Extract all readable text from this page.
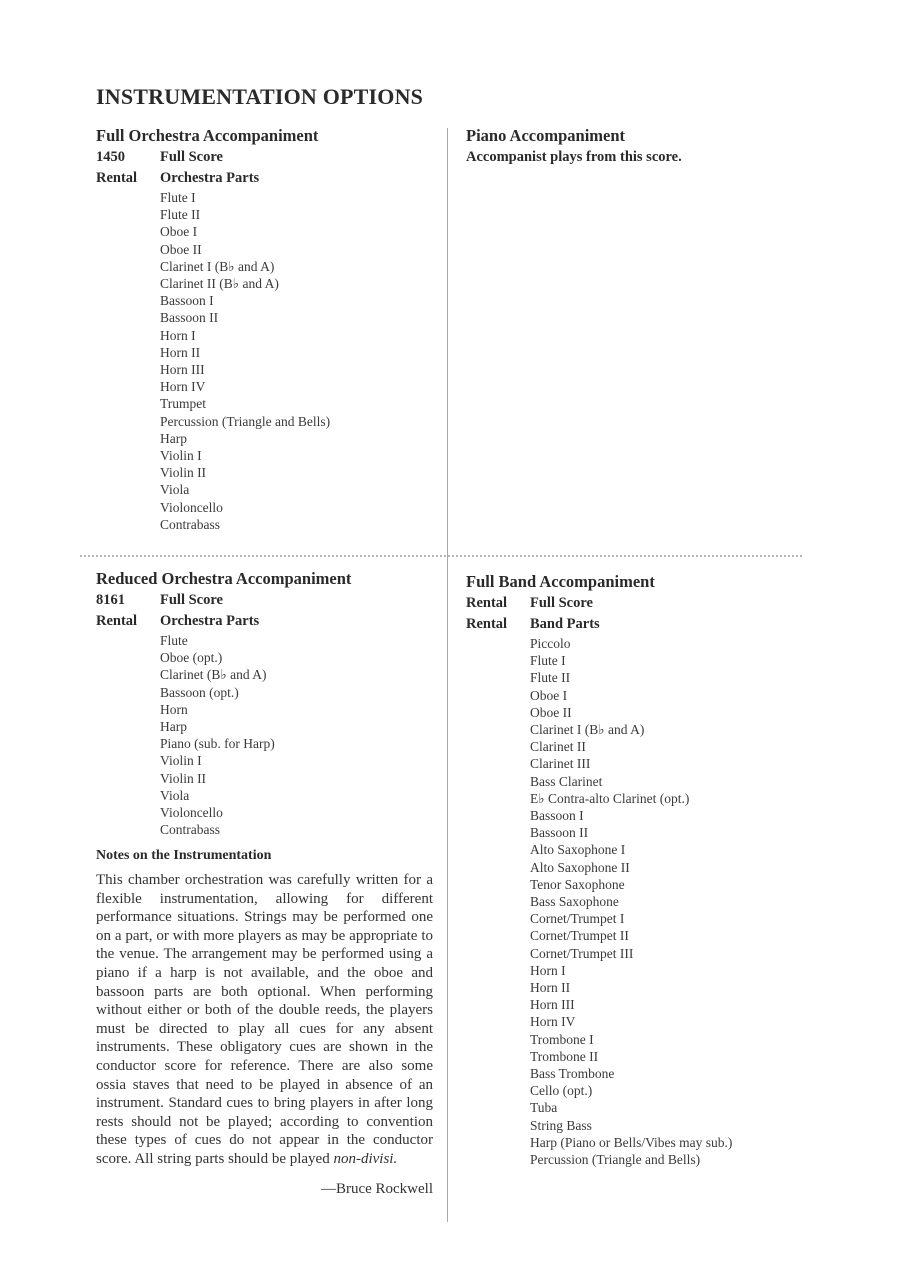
INSTRUMENTATION OPTIONS
Full Orchestra Accompaniment
1450	Full Score
Rental	Orchestra Parts
Flute I
Flute II
Oboe I
Oboe II
Clarinet I (B♭ and A)
Clarinet II (B♭ and A)
Bassoon I
Bassoon II
Horn I
Horn II
Horn III
Horn IV
Trumpet
Percussion (Triangle and Bells)
Harp
Violin I
Violin II
Viola
Violoncello
Contrabass
Piano Accompaniment

Accompanist plays from this score.

Reduced Orchestra Accompaniment
8161	Full Score
Rental	Orchestra Parts
Flute
Oboe (opt.)
Clarinet (B♭ and A)
Bassoon (opt.)
Horn
Harp
Piano (sub. for Harp)
Violin I
Violin II
Viola
Violoncello
Contrabass
Notes on the Instrumentation

This chamber orchestration was carefully written for a flexible instrumentation, allowing for different performance situations. Strings may be performed one on a part, or with more players as may be appropriate to the venue. The arrangement may be performed using a piano if a harp is not available, and the oboe and bassoon parts are both optional. When performing without either or both of the double reeds, the players must be directed to play all cues for any absent instruments. These obligatory cues are shown in the conductor score for reference. There are also some ossia staves that need to be played in absence of an instrument. Standard cues to bring players in after long rests should not be played; according to convention these types of cues do not appear in the conductor score. All string parts should be played non-divisi.

—Bruce Rockwell
Full Band Accompaniment
Rental	Full Score
Rental	Band Parts
Piccolo
Flute I
Flute II
Oboe I
Oboe II
Clarinet I (B♭ and A)
Clarinet II
Clarinet III
Bass Clarinet
E♭ Contra-alto Clarinet (opt.)
Bassoon I
Bassoon II
Alto Saxophone I
Alto Saxophone II
Tenor Saxophone
Bass Saxophone
Cornet/Trumpet I
Cornet/Trumpet II
Cornet/Trumpet III
Horn I
Horn II
Horn III
Horn IV
Trombone I
Trombone II
Bass Trombone
Cello (opt.)
Tuba
String Bass
Harp (Piano or Bells/Vibes may sub.)
Percussion (Triangle and Bells)
